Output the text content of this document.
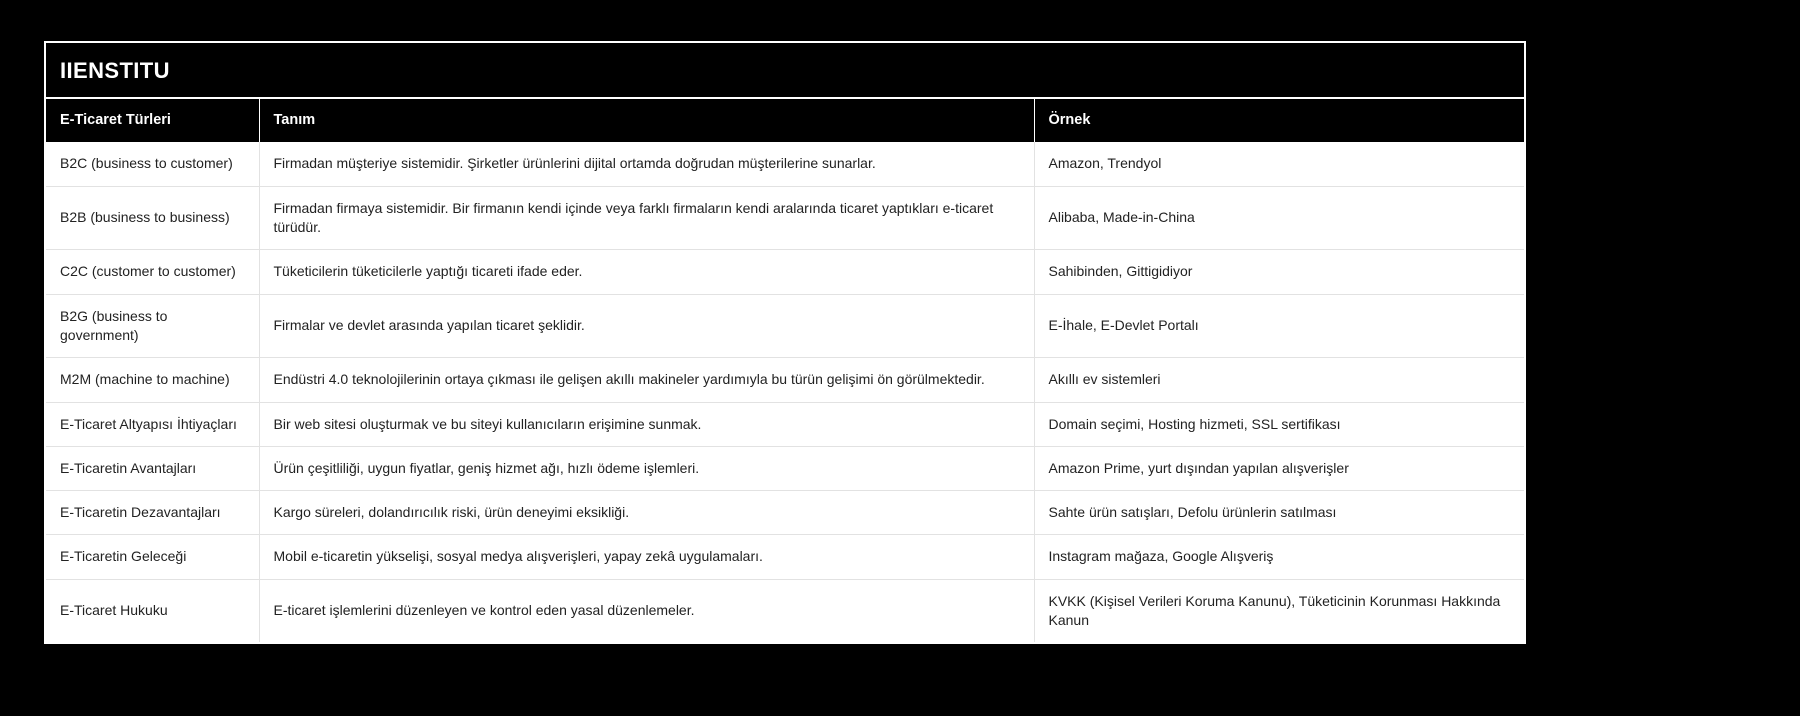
IIENSTITU
E-Ticaret Türleri	Tanım	Örnek
B2C (business to customer)	Firmadan müşteriye sistemidir. Şirketler ürünlerini dijital ortamda doğrudan müşterilerine sunarlar.	Amazon, Trendyol
B2B (business to business)	Firmadan firmaya sistemidir. Bir firmanın kendi içinde veya farklı firmaların kendi aralarında ticaret yaptıkları e-ticaret türüdür.	Alibaba, Made-in-China
C2C (customer to customer)	Tüketicilerin tüketicilerle yaptığı ticareti ifade eder.	Sahibinden, Gittigidiyor
B2G (business to government)	Firmalar ve devlet arasında yapılan ticaret şeklidir.	E-İhale, E-Devlet Portalı
M2M (machine to machine)	Endüstri 4.0 teknolojilerinin ortaya çıkması ile gelişen akıllı makineler yardımıyla bu türün gelişimi ön görülmektedir.	Akıllı ev sistemleri
E-Ticaret Altyapısı İhtiyaçları	Bir web sitesi oluşturmak ve bu siteyi kullanıcıların erişimine sunmak.	Domain seçimi, Hosting hizmeti, SSL sertifikası
E-Ticaretin Avantajları	Ürün çeşitliliği, uygun fiyatlar, geniş hizmet ağı, hızlı ödeme işlemleri.	Amazon Prime, yurt dışından yapılan alışverişler
E-Ticaretin Dezavantajları	Kargo süreleri, dolandırıcılık riski, ürün deneyimi eksikliği.	Sahte ürün satışları, Defolu ürünlerin satılması
E-Ticaretin Geleceği	Mobil e-ticaretin yükselişi, sosyal medya alışverişleri, yapay zekâ uygulamaları.	Instagram mağaza, Google Alışveriş
E-Ticaret Hukuku	E-ticaret işlemlerini düzenleyen ve kontrol eden yasal düzenlemeler.	KVKK (Kişisel Verileri Koruma Kanunu), Tüketicinin Korunması Hakkında Kanun
